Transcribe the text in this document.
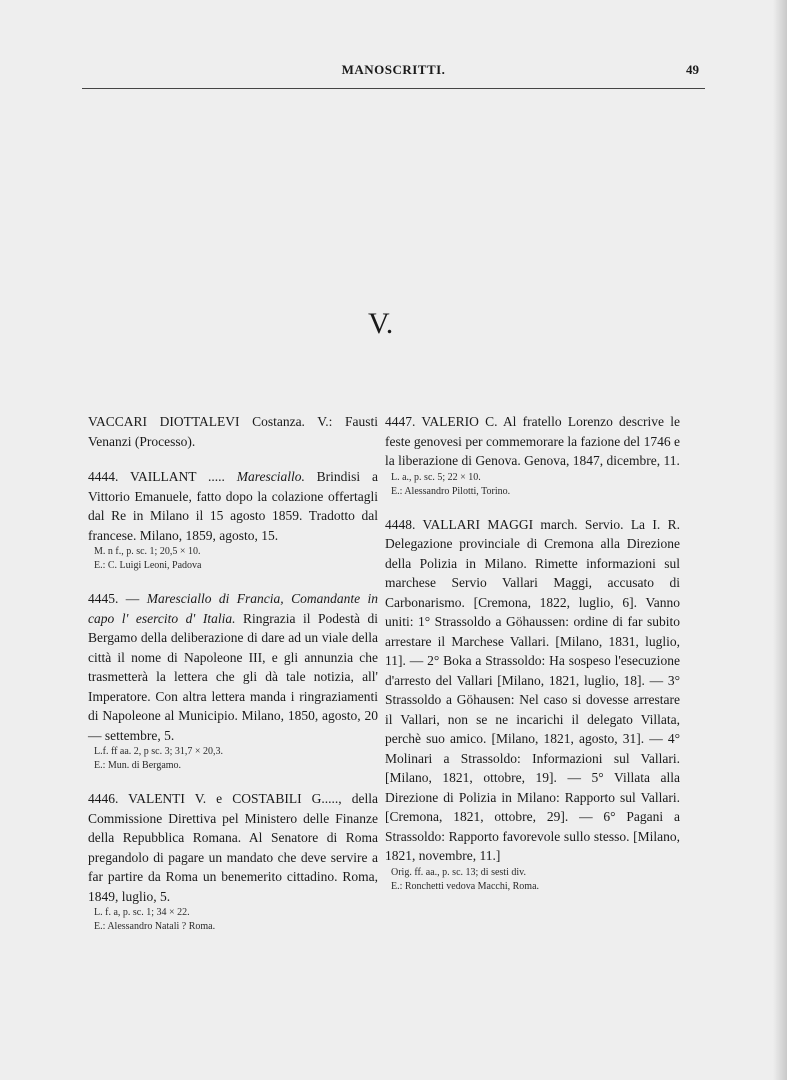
MANOSCRITTI.	49
V.
VACCARI DIOTTALEVI Costanza. V.: Fausti Venanzi (Processo).
4444. VAILLANT ..... Maresciallo. Brindisi a Vittorio Emanuele, fatto dopo la colazione offertagli dal Re in Milano il 15 agosto 1859. Tradotto dal francese. Milano, 1859, agosto, 15.
M. n f., p. sc. 1; 20,5 × 10.
E.: C. Luigi Leoni, Padova
4445. — Maresciallo di Francia, Comandante in capo l' esercito d' Italia. Ringrazia il Podestà di Bergamo della deliberazione di dare ad un viale della città il nome di Napoleone III, e gli annunzia che trasmetterà la lettera che gli dà tale notizia, all' Imperatore. Con altra lettera manda i ringraziamenti di Napoleone al Municipio. Milano, 1850, agosto, 20 — settembre, 5.
L.f. ff aa. 2, p sc. 3; 31,7 × 20,3.
E.: Mun. di Bergamo.
4446. VALENTI V. e COSTABILI G....., della Commissione Direttiva pel Ministero delle Finanze della Repubblica Romana. Al Senatore di Roma pregandolo di pagare un mandato che deve servire a far partire da Roma un benemerito cittadino. Roma, 1849, luglio, 5.
L. f. a, p. sc. 1; 34 × 22.
E.: Alessandro Natali ? Roma.
4447. VALERIO C. Al fratello Lorenzo descrive le feste genovesi per commemorare la fazione del 1746 e la liberazione di Genova. Genova, 1847, dicembre, 11.
L. a., p. sc. 5; 22 × 10.
E.: Alessandro Pilotti, Torino.
4448. VALLARI MAGGI march. Servio. La I. R. Delegazione provinciale di Cremona alla Direzione della Polizia in Milano. Rimette informazioni sul marchese Servio Vallari Maggi, accusato di Carbonarismo. [Cremona, 1822, luglio, 6]. Vanno uniti: 1° Strassoldo a Göhaussen: ordine di far subito arrestare il Marchese Vallari. [Milano, 1831, luglio, 11]. — 2° Boka a Strassoldo: Ha sospeso l'esecuzione d'arresto del Vallari [Milano, 1821, luglio, 18]. — 3° Strassoldo a Göhausen: Nel caso si dovesse arrestare il Vallari, non se ne incarichi il delegato Villata, perchè suo amico. [Milano, 1821, agosto, 31]. — 4° Molinari a Strassoldo: Informazioni sul Vallari. [Milano, 1821, ottobre, 19]. — 5° Villata alla Direzione di Polizia in Milano: Rapporto sul Vallari. [Cremona, 1821, ottobre, 29]. — 6° Pagani a Strassoldo: Rapporto favorevole sullo stesso. [Milano, 1821, novembre, 11.]
Orig. ff. aa., p. sc. 13; di sesti div.
E.: Ronchetti vedova Macchi, Roma.
